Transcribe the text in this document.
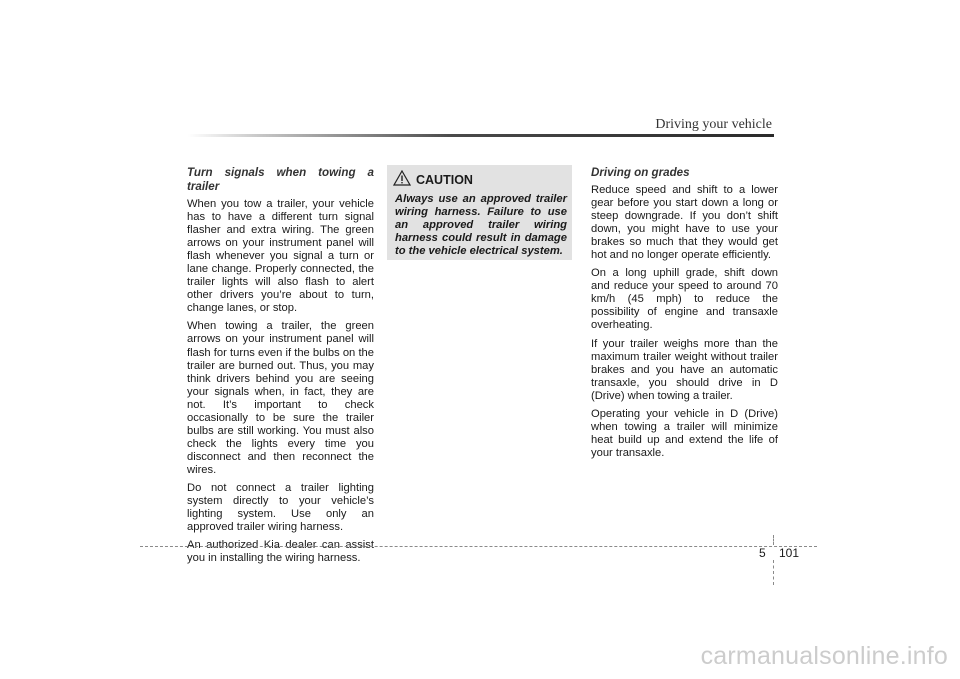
Driving your vehicle
Turn signals when towing a trailer

When you tow a trailer, your vehicle has to have a different turn signal flasher and extra wiring. The green arrows on your instrument panel will flash whenever you signal a turn or lane change. Properly connected, the trailer lights will also flash to alert other drivers you’re about to turn, change lanes, or stop.

When towing a trailer, the green arrows on your instrument panel will flash for turns even if the bulbs on the trailer are burned out. Thus, you may think drivers behind you are seeing your signals when, in fact, they are not. It’s important to check occasionally to be sure the trailer bulbs are still working. You must also check the lights every time you disconnect and then reconnect the wires.

Do not connect a trailer lighting system directly to your vehicle’s lighting system. Use only an approved trailer wiring harness.

An authorized Kia dealer can assist you in installing the wiring harness.

CAUTION
Always use an approved trailer wiring harness. Failure to use an approved trailer wiring harness could result in damage to the vehicle electrical system.
Driving on grades

Reduce speed and shift to a lower gear before you start down a long or steep downgrade. If you don’t shift down, you might have to use your brakes so much that they would get hot and no longer operate efficiently.

On a long uphill grade, shift down and reduce your speed to around 70 km/h (45 mph) to reduce the possibility of engine and transaxle overheating.

If your trailer weighs more than the maximum trailer weight without trailer brakes and you have an automatic transaxle, you should drive in D (Drive) when towing a trailer.

Operating your vehicle in D (Drive) when towing a trailer will minimize heat build up and extend the life of your transaxle.

5 101
carmanualsonline.info
